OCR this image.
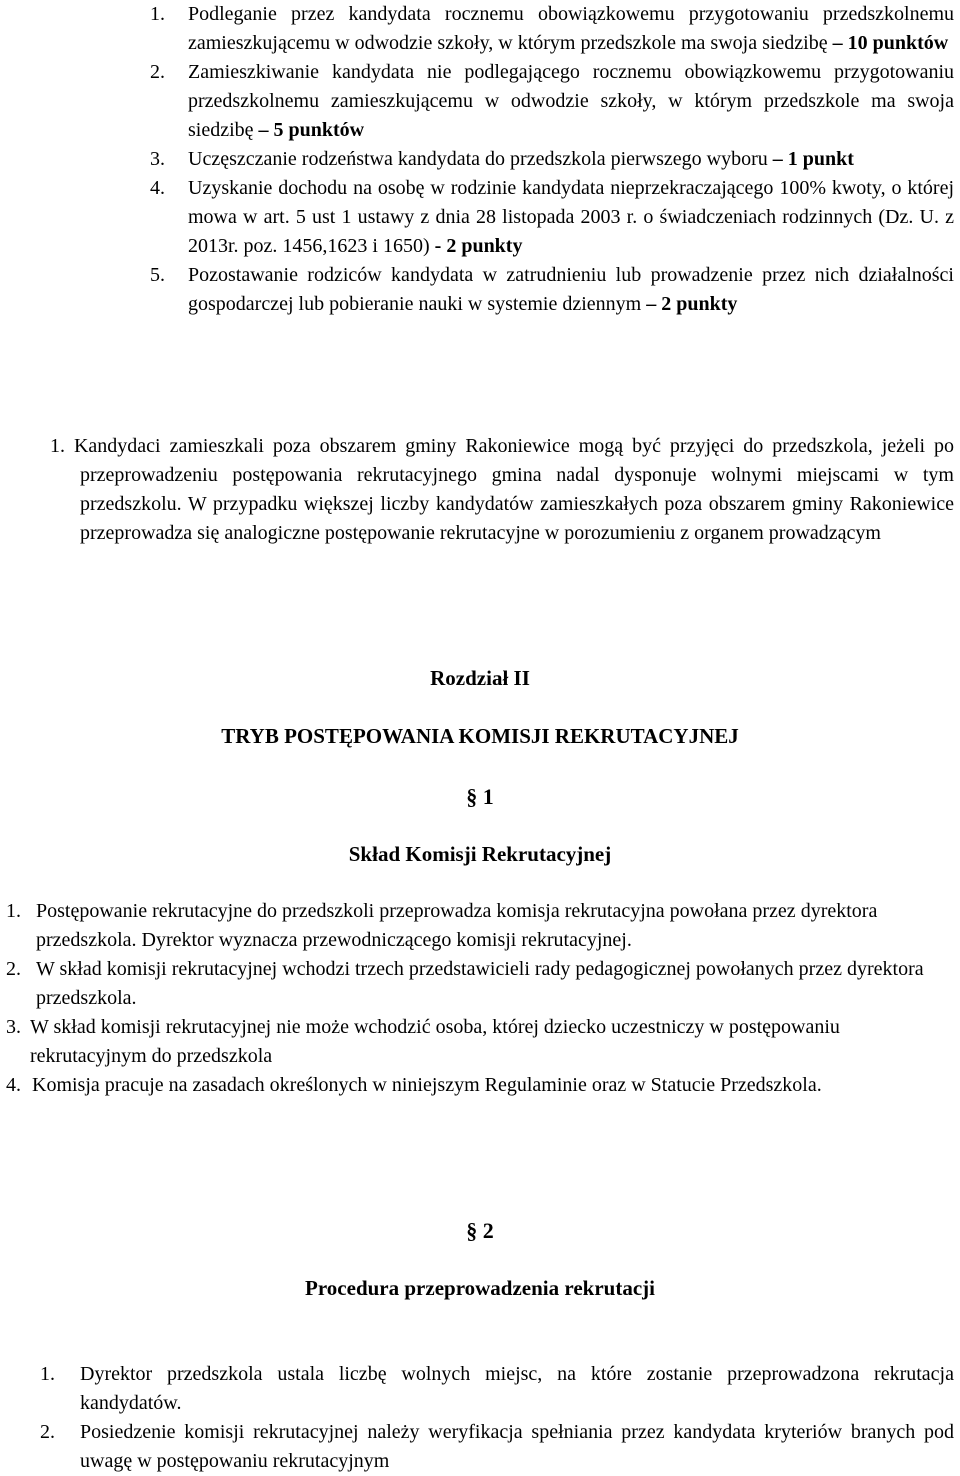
1.	Podleganie przez kandydata rocznemu obowiązkowemu przygotowaniu przedszkolnemu zamieszkującemu w odwodzie szkoły, w którym przedszkole ma swoja siedzibę – 10 punktów
2.	Zamieszkiwanie kandydata nie podlegającego rocznemu obowiązkowemu przygotowaniu przedszkolnemu zamieszkującemu w odwodzie szkoły, w którym przedszkole ma swoja siedzibę – 5 punktów
3.	Uczęszczanie rodzeństwa kandydata do przedszkola pierwszego wyboru – 1 punkt
4.	Uzyskanie dochodu na osobę w rodzinie kandydata nieprzekraczającego 100% kwoty, o której mowa w art. 5 ust 1 ustawy z dnia 28 listopada 2003 r. o świadczeniach rodzinnych (Dz. U. z 2013r. poz. 1456,1623 i 1650) - 2 punkty
5.	Pozostawanie rodziców kandydata w zatrudnieniu lub prowadzenie przez nich działalności gospodarczej lub pobieranie nauki w systemie dziennym – 2 punkty
1. Kandydaci zamieszkali poza obszarem gminy Rakoniewice mogą być przyjęci do przedszkola, jeżeli po przeprowadzeniu postępowania rekrutacyjnego gmina nadal dysponuje wolnymi miejscami w tym przedszkolu. W przypadku większej liczby kandydatów zamieszkałych poza obszarem gminy Rakoniewice przeprowadza się analogiczne postępowanie rekrutacyjne w porozumieniu z organem prowadzącym
Rozdział II
TRYB POSTĘPOWANIA KOMISJI REKRUTACYJNEJ
§ 1
Skład Komisji Rekrutacyjnej
1. Postępowanie rekrutacyjne do przedszkoli przeprowadza komisja rekrutacyjna powołana przez dyrektora przedszkola. Dyrektor wyznacza przewodniczącego komisji rekrutacyjnej.
2. W skład komisji rekrutacyjnej wchodzi trzech przedstawicieli rady pedagogicznej powołanych przez dyrektora przedszkola.
3. W skład komisji rekrutacyjnej nie może wchodzić osoba, której dziecko uczestniczy w postępowaniu rekrutacyjnym do przedszkola
4. Komisja pracuje na zasadach określonych w niniejszym Regulaminie oraz w Statucie Przedszkola.
§ 2
Procedura przeprowadzenia rekrutacji
1.	Dyrektor przedszkola ustala liczbę wolnych miejsc, na które zostanie przeprowadzona rekrutacja kandydatów.
2.	Posiedzenie komisji rekrutacyjnej należy weryfikacja spełniania przez kandydata kryteriów branych pod uwagę w postępowaniu rekrutacyjnym
